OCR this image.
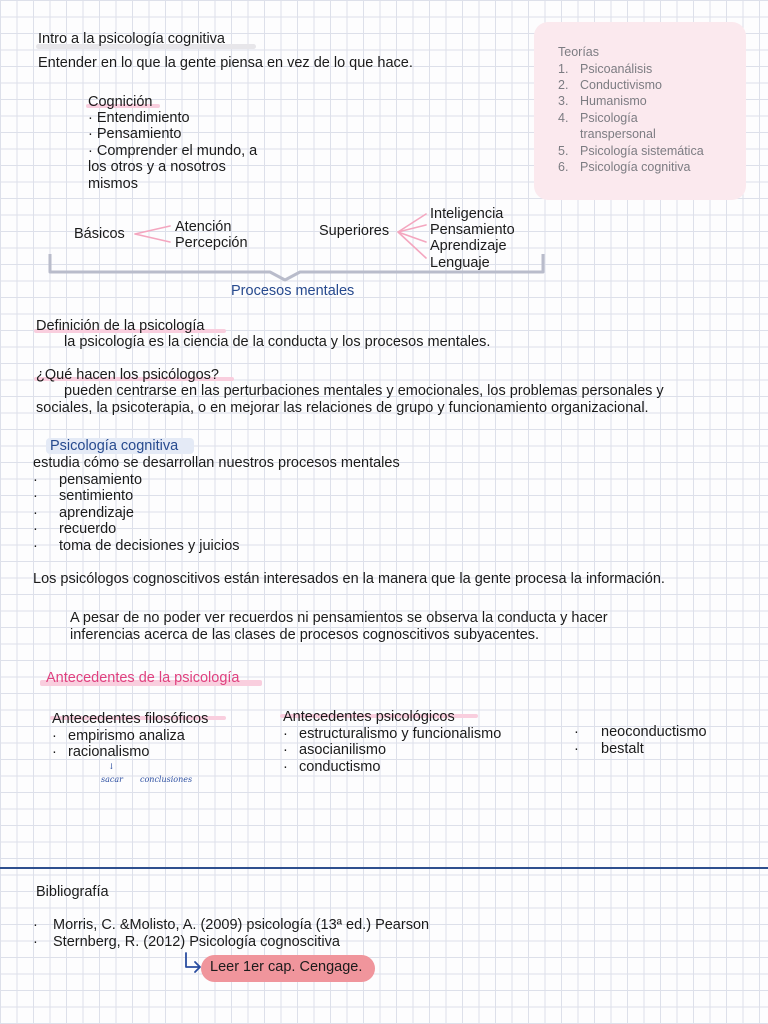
Intro a la psicología cognitiva
Entender en lo que la gente piensa en vez de lo que hace.
Cognición
· Entendimiento
· Pensamiento
· Comprender el mundo, a
los otros y a nosotros
mismos
Teorías
1. Psicoanálisis
2. Conductivismo
3. Humanismo
4. Psicología
transpersonal
5. Psicología sistemática
6. Psicología cognitiva
Básicos	Atención
Percepción
Superiores
Inteligencia
Pensamiento
Aprendizaje
Lenguaje
Procesos mentales
Definición de la psicología
la psicología es la ciencia de la conducta y los procesos mentales.
¿Qué hacen los psicólogos?
pueden centrarse en las perturbaciones mentales y emocionales, los problemas personales y
sociales, la psicoterapia, o en mejorar las relaciones de grupo y funcionamiento organizacional.
Psicología cognitiva
estudia cómo se desarrollan nuestros procesos mentales
· pensamiento
· sentimiento
· aprendizaje
· recuerdo
· toma de decisiones y juicios
Los psicólogos cognoscitivos están interesados en la manera que la gente procesa la información.
A pesar de no poder ver recuerdos ni pensamientos se observa la conducta y hacer
inferencias acerca de las clases de procesos cognoscitivos subyacentes.
Antecedentes de la psicología
Antecedentes filosóficos
· empirismo analiza
· racionalismo
↓
sacar conclusiones
Antecedentes psicológicos
· estructuralismo y funcionalismo
· asocianilismo
· conductismo
· neoconductismo
· bestalt
Bibliografía
· Morris, C. &Molisto, A. (2009) psicología (13ª ed.) Pearson
· Sternberg, R. (2012) Psicología cognoscitiva
Leer 1er cap. Cengage.
